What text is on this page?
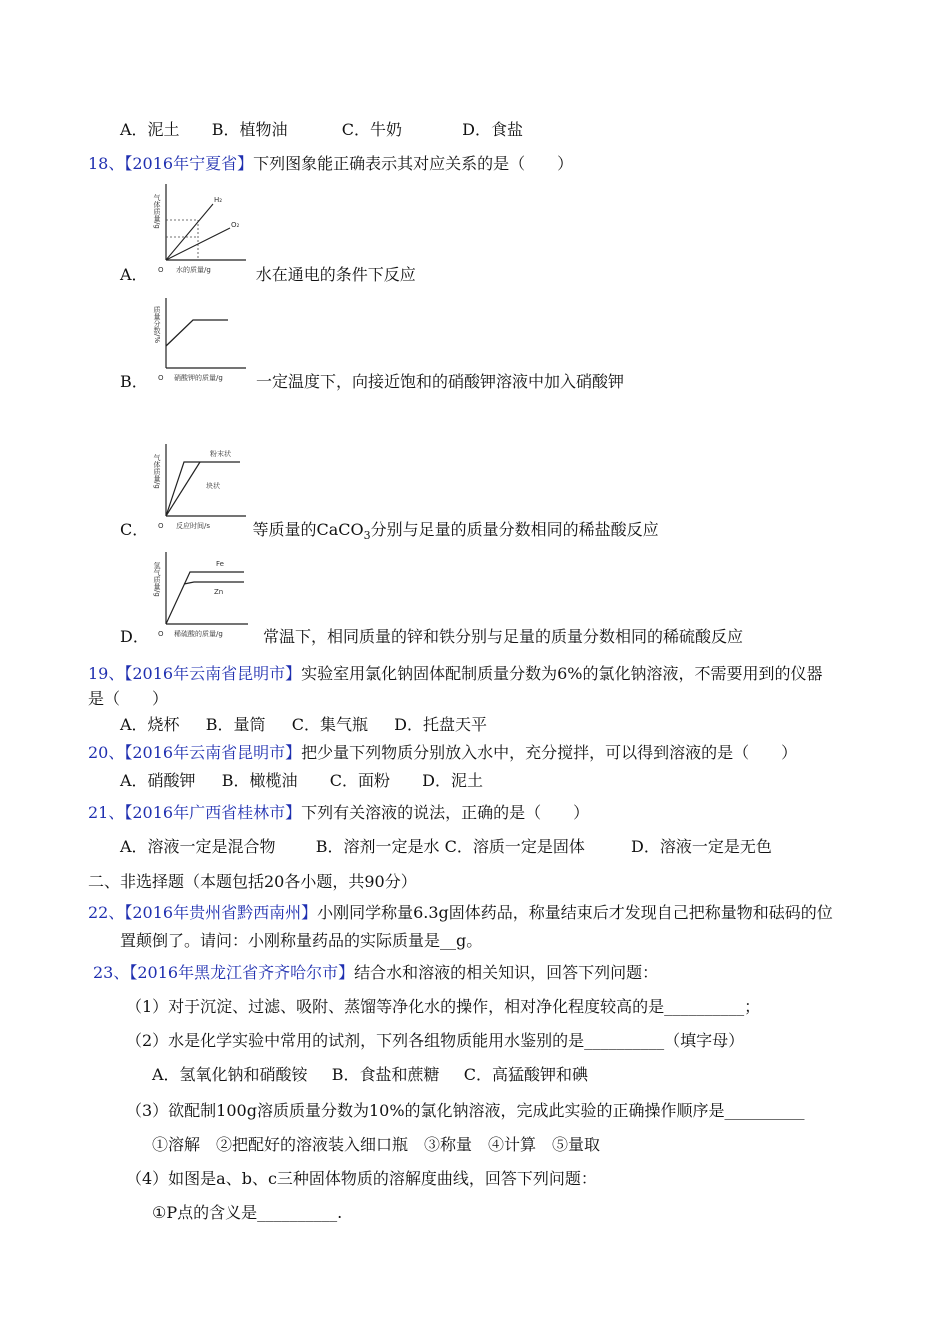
A．泥土 B．植物油	C．牛奶	D．食盐
18、【2016年宁夏省】下列图象能正确表示其对应关系的是（　　）
气体质量/g
O 水的质量/g
H₂
O₂
A．	水在通电的条件下反应
质量分数/%
O 硝酸钾的质量/g
B．	一定温度下，向接近饱和的硝酸钾溶液中加入硝酸钾
气体质量/g
O 反应时间/s
粉末状
块状
C．	等质量的CaCO$_3$分别与足量的质量分数相同的稀盐酸反应
氢气质量/g
O 稀硫酸的质量/g
Fe
Zn
D．	常温下，相同质量的锌和铁分别与足量的质量分数相同的稀硫酸反应
19、【2016年云南省昆明市】实验室用氯化钠固体配制质量分数为6%的氯化钠溶液，不需要用到的仪器
是（　　）
A．烧杯 B．量筒 C．集气瓶 D．托盘天平
20、【2016年云南省昆明市】把少量下列物质分别放入水中，充分搅拌，可以得到溶液的是（　　）
A．硝酸钾 B．橄榄油 C．面粉 D．泥土
21、【2016年广西省桂林市】下列有关溶液的说法，正确的是（　　）
A．溶液一定是混合物	B．溶剂一定是水 C．溶质一定是固体	D．溶液一定是无色
二、非选择题（本题包括20各小题，共90分）
22、【2016年贵州省黔西南州】小刚同学称量6.3g固体药品，称量结束后才发现自己把称量物和砝码的位
置颠倒了。请问：小刚称量药品的实际质量是__g。
23、【2016年黑龙江省齐齐哈尔市】结合水和溶液的相关知识，回答下列问题：
（1）对于沉淀、过滤、吸附、蒸馏等净化水的操作，相对净化程度较高的是__________；
（2）水是化学实验中常用的试剂，下列各组物质能用水鉴别的是__________（填字母）
A．氢氧化钠和硝酸铵 B．食盐和蔗糖 C．高猛酸钾和碘
（3）欲配制100g溶质质量分数为10%的氯化钠溶液，完成此实验的正确操作顺序是__________
①溶解　②把配好的溶液装入细口瓶　③称量　④计算　⑤量取
（4）如图是a、b、c三种固体物质的溶解度曲线，回答下列问题：
①P点的含义是__________.
